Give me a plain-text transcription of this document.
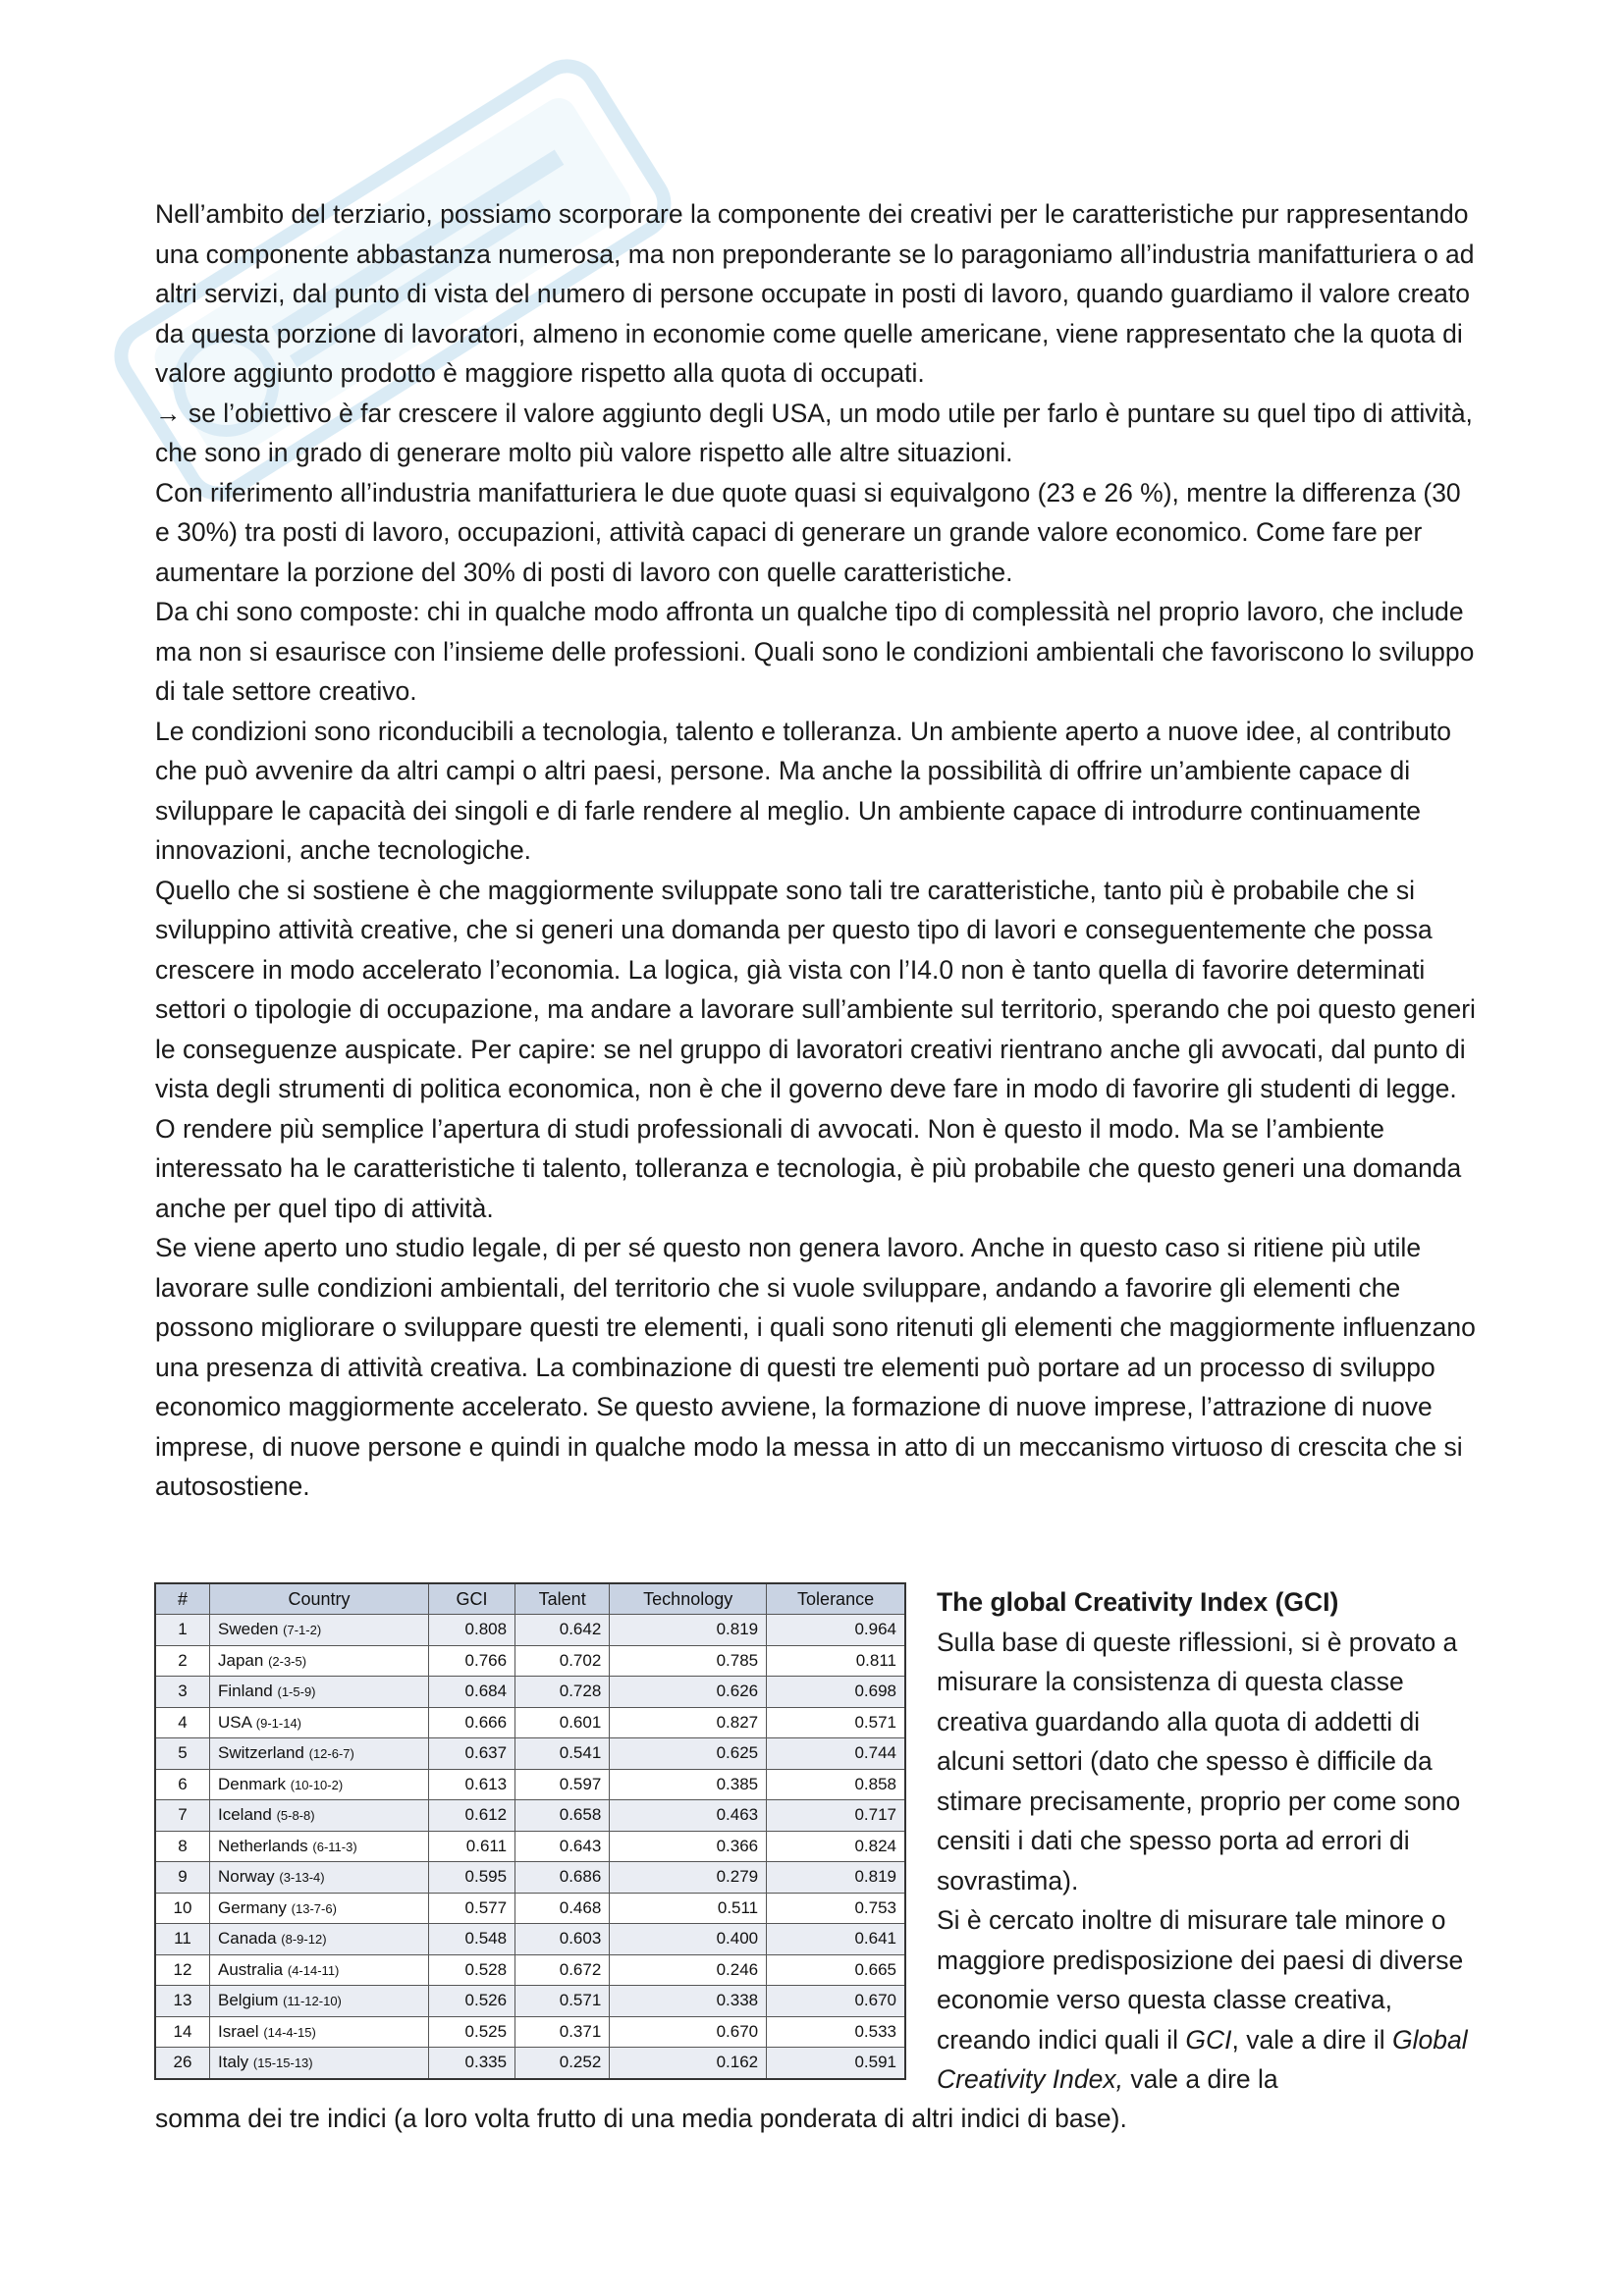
Nell’ambito del terziario, possiamo scorporare la componente dei creativi per le caratteristiche pur rappresentando una componente abbastanza numerosa, ma non preponderante se lo paragoniamo all’industria manifatturiera o ad altri servizi, dal punto di vista del numero di persone occupate in posti di lavoro, quando guardiamo il valore creato da questa porzione di lavoratori, almeno in economie come quelle americane, viene rappresentato che la quota di valore aggiunto prodotto è maggiore rispetto alla quota di occupati.

→ se l’obiettivo è far crescere il valore aggiunto degli USA, un modo utile per farlo è puntare su quel tipo di attività, che sono in grado di generare molto più valore rispetto alle altre situazioni.

Con riferimento all’industria manifatturiera le due quote quasi si equivalgono (23 e 26 %), mentre la differenza (30 e 30%) tra posti di lavoro, occupazioni, attività capaci di generare un grande valore economico. Come fare per aumentare la porzione del 30% di posti di lavoro con quelle caratteristiche.

Da chi sono composte: chi in qualche modo affronta un qualche tipo di complessità nel proprio lavoro, che include ma non si esaurisce con l’insieme delle professioni. Quali sono le condizioni ambientali che favoriscono lo sviluppo di tale settore creativo.

Le condizioni sono riconducibili a tecnologia, talento e tolleranza. Un ambiente aperto a nuove idee, al contributo che può avvenire da altri campi o altri paesi, persone. Ma anche la possibilità di offrire un’ambiente capace di sviluppare le capacità dei singoli e di farle rendere al meglio. Un ambiente capace di introdurre continuamente innovazioni, anche tecnologiche.

Quello che si sostiene è che maggiormente sviluppate sono tali tre caratteristiche, tanto più è probabile che si sviluppino attività creative, che si generi una domanda per questo tipo di lavori e conseguentemente che possa crescere in modo accelerato l’economia. La logica, già vista con l’I4.0 non è tanto quella di favorire determinati settori o tipologie di occupazione, ma andare a lavorare sull’ambiente sul territorio, sperando che poi questo generi le conseguenze auspicate. Per capire: se nel gruppo di lavoratori creativi rientrano anche gli avvocati, dal punto di vista degli strumenti di politica economica, non è che il governo deve fare in modo di favorire gli studenti di legge. O rendere più semplice l’apertura di studi professionali di avvocati. Non è questo il modo. Ma se l’ambiente interessato ha le caratteristiche ti talento, tolleranza e tecnologia, è più probabile che questo generi una domanda anche per quel tipo di attività.

Se viene aperto uno studio legale, di per sé questo non genera lavoro. Anche in questo caso si ritiene più utile lavorare sulle condizioni ambientali, del territorio che si vuole sviluppare, andando a favorire gli elementi che possono migliorare o sviluppare questi tre elementi, i quali sono ritenuti gli elementi che maggiormente influenzano una presenza di attività creativa. La combinazione di questi tre elementi può portare ad un processo di sviluppo economico maggiormente accelerato. Se questo avviene, la formazione di nuove imprese, l’attrazione di nuove imprese, di nuove persone e quindi in qualche modo la messa in atto di un meccanismo virtuoso di crescita che si autosostiene.

#	Country	GCI	Talent	Technology	Tolerance
1	Sweden (7-1-2)	0.808	0.642	0.819	0.964
2	Japan (2-3-5)	0.766	0.702	0.785	0.811
3	Finland (1-5-9)	0.684	0.728	0.626	0.698
4	USA (9-1-14)	0.666	0.601	0.827	0.571
5	Switzerland (12-6-7)	0.637	0.541	0.625	0.744
6	Denmark (10-10-2)	0.613	0.597	0.385	0.858
7	Iceland (5-8-8)	0.612	0.658	0.463	0.717
8	Netherlands (6-11-3)	0.611	0.643	0.366	0.824
9	Norway (3-13-4)	0.595	0.686	0.279	0.819
10	Germany (13-7-6)	0.577	0.468	0.511	0.753
11	Canada (8-9-12)	0.548	0.603	0.400	0.641
12	Australia (4-14-11)	0.528	0.672	0.246	0.665
13	Belgium (11-12-10)	0.526	0.571	0.338	0.670
14	Israel (14-4-15)	0.525	0.371	0.670	0.533
26	Italy (15-15-13)	0.335	0.252	0.162	0.591

The global Creativity Index (GCI)

Sulla base di queste riflessioni, si è provato a misurare la consistenza di questa classe creativa guardando alla quota di addetti di alcuni settori (dato che spesso è difficile da stimare precisamente, proprio per come sono censiti i dati che spesso porta ad errori di sovrastima).

Si è cercato inoltre di misurare tale minore o maggiore predisposizione dei paesi di diverse economie verso questa classe creativa, creando indici quali il GCI, vale a dire il Global Creativity Index, vale a dire la

somma dei tre indici (a loro volta frutto di una media ponderata di altri indici di base).
